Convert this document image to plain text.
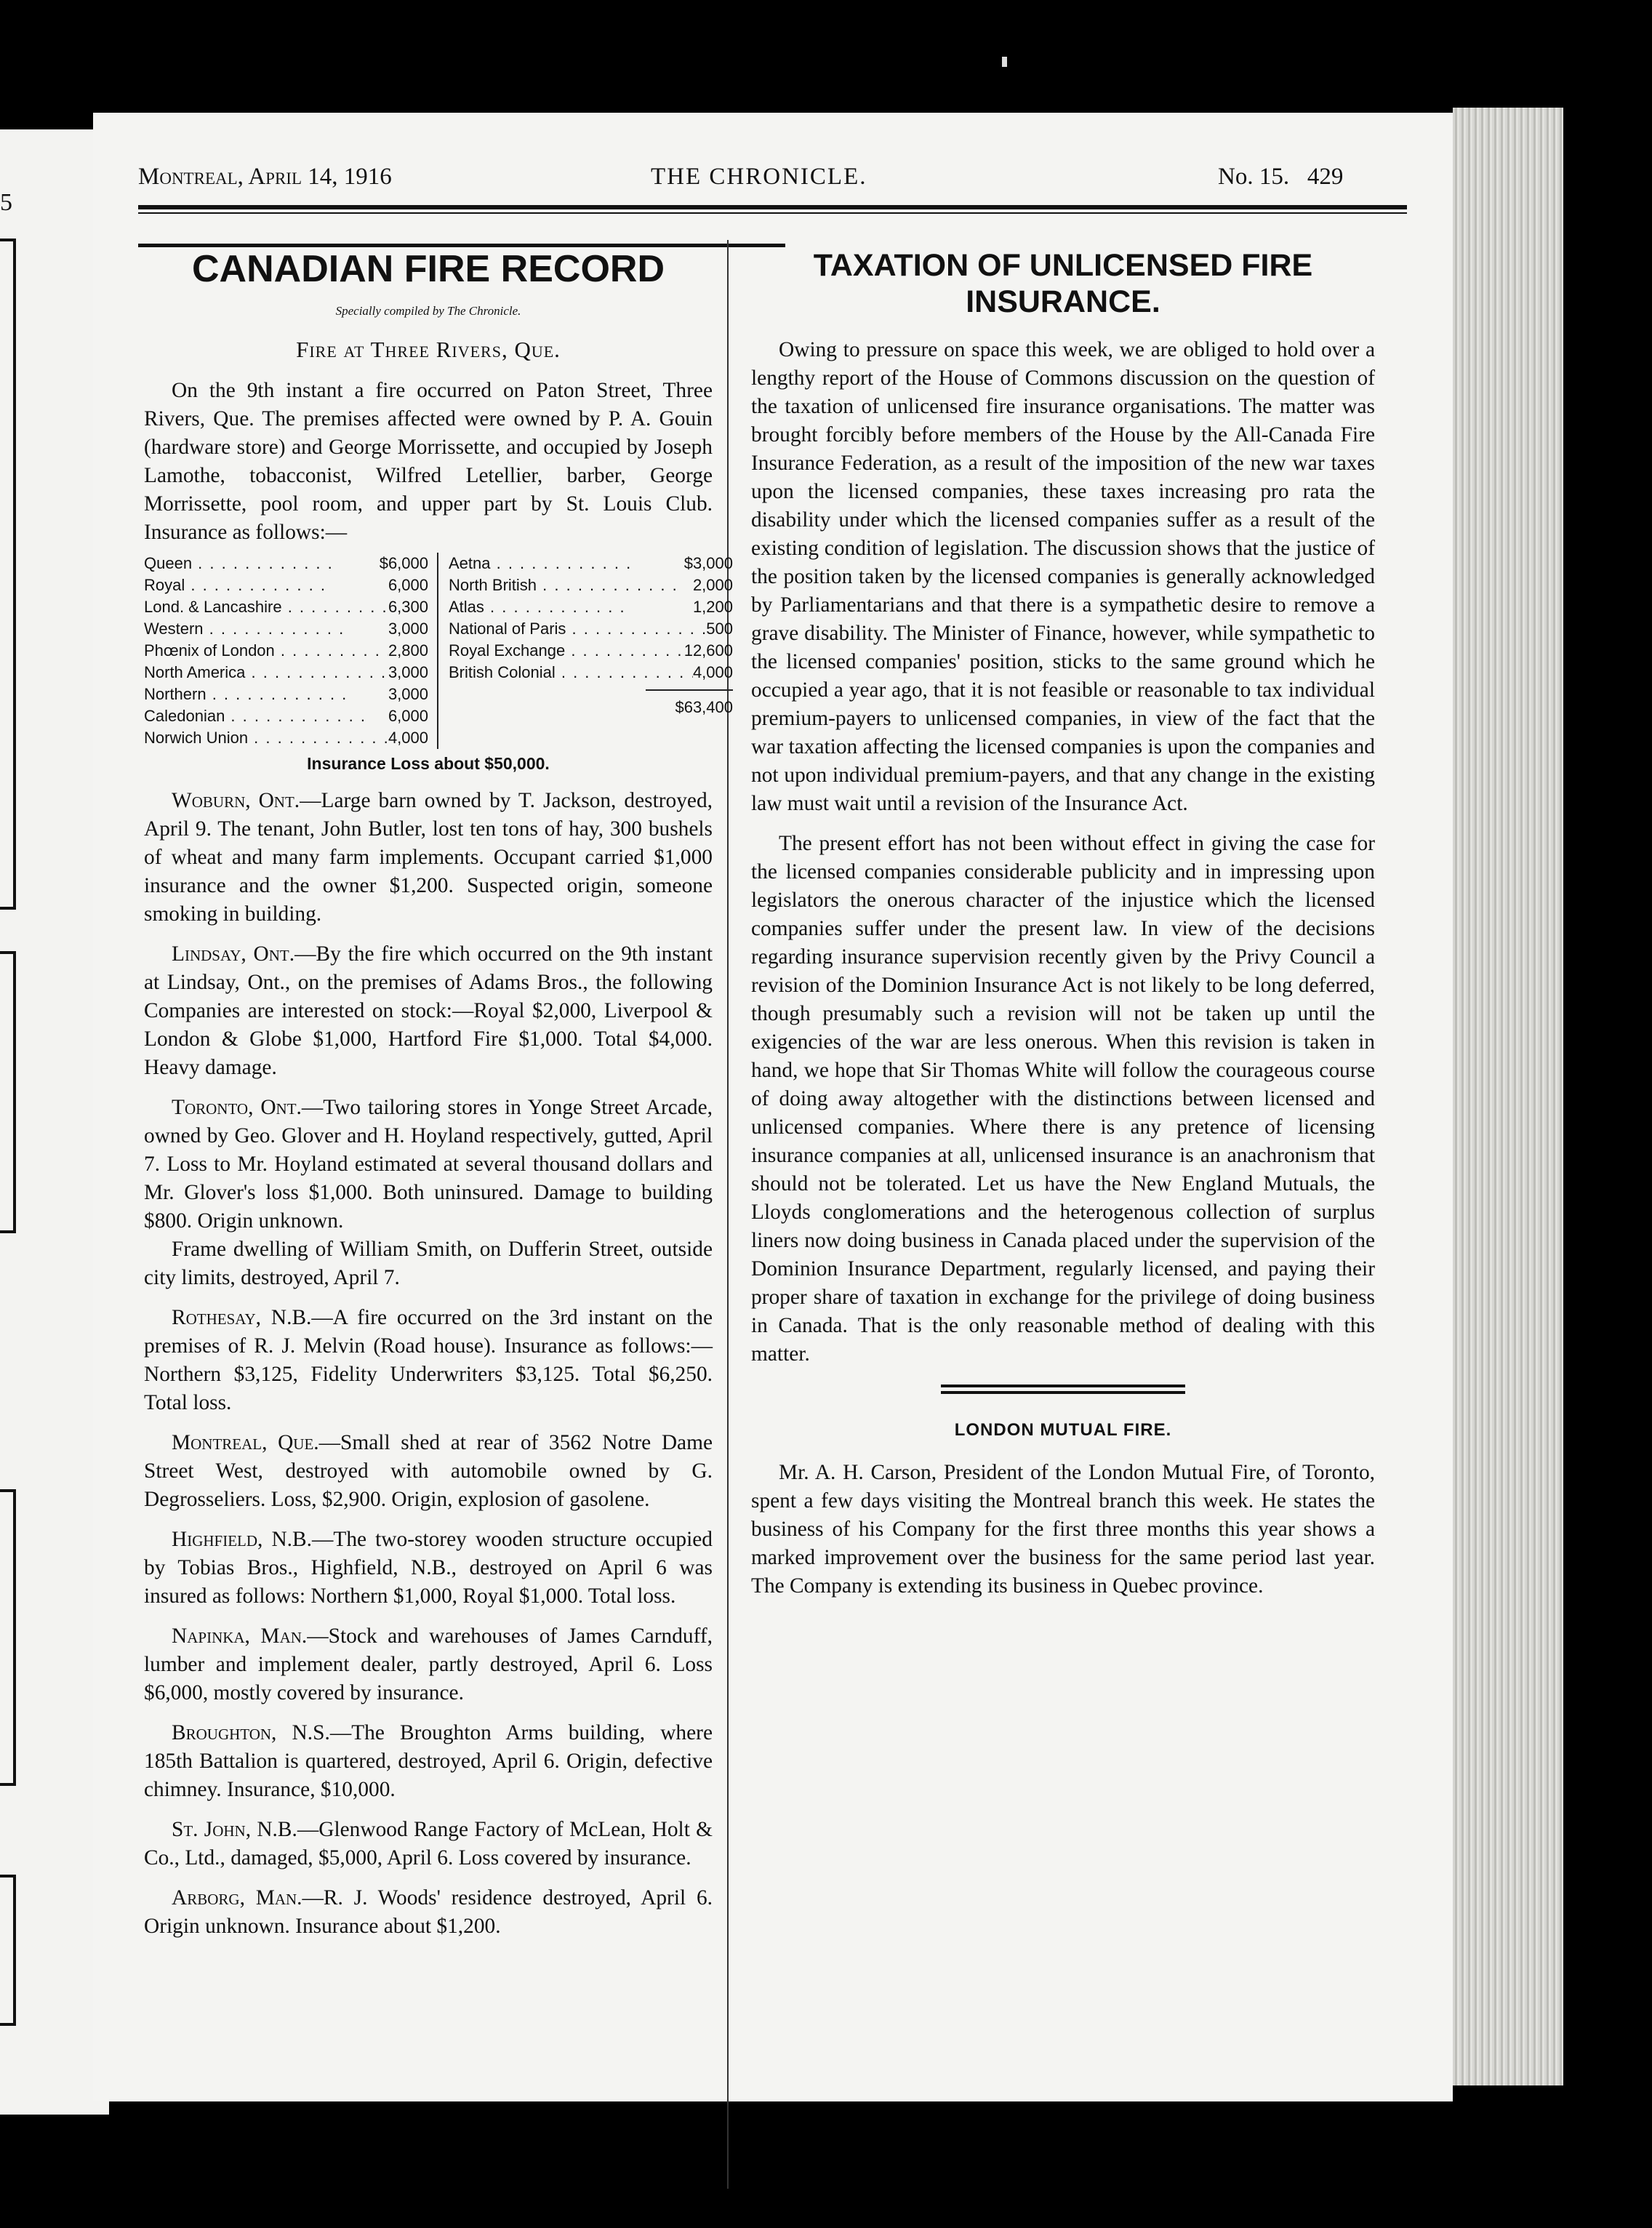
5
Montreal, April 14, 1916	THE CHRONICLE.	No. 15.   429
CANADIAN FIRE RECORD
Specially compiled by The Chronicle.
Fire at Three Rivers, Que.

On the 9th instant a fire occurred on Paton Street, Three Rivers, Que. The premises affected were owned by P. A. Gouin (hardware store) and George Morrissette, and occupied by Joseph Lamothe, tobacconist, Wilfred Letellier, barber, George Morrissette, pool room, and upper part by St. Louis Club. Insurance as follows:—

Queen . . .	$6,000
Royal . . .	6,000
Lond. & Lancashire . . .	6,300
Western . . .	3,000
Phœnix of London . . .	2,800
North America . . .	3,000
Northern . . .	3,000
Caledonian . . .	6,000
Norwich Union . . .	4,000
Aetna . . .	$3,000
North British . . .	2,000
Atlas . . .	1,200
National of Paris . . .	500
Royal Exchange . . .	12,600
British Colonial . . .	4,000
$63,400
Insurance Loss about $50,000.

Woburn, Ont.—Large barn owned by T. Jackson, destroyed, April 9. The tenant, John Butler, lost ten tons of hay, 300 bushels of wheat and many farm implements. Occupant carried $1,000 insurance and the owner $1,200. Suspected origin, someone smoking in building.

Lindsay, Ont.—By the fire which occurred on the 9th instant at Lindsay, Ont., on the premises of Adams Bros., the following Companies are interested on stock:—Royal $2,000, Liverpool & London & Globe $1,000, Hartford Fire $1,000. Total $4,000. Heavy damage.

Toronto, Ont.—Two tailoring stores in Yonge Street Arcade, owned by Geo. Glover and H. Hoyland respectively, gutted, April 7. Loss to Mr. Hoyland estimated at several thousand dollars and Mr. Glover's loss $1,000. Both uninsured. Damage to building $800. Origin unknown.

Frame dwelling of William Smith, on Dufferin Street, outside city limits, destroyed, April 7.

Rothesay, N.B.—A fire occurred on the 3rd instant on the premises of R. J. Melvin (Road house). Insurance as follows:—Northern $3,125, Fidelity Underwriters $3,125. Total $6,250. Total loss.

Montreal, Que.—Small shed at rear of 3562 Notre Dame Street West, destroyed with automobile owned by G. Degrosseliers. Loss, $2,900. Origin, explosion of gasolene.

Highfield, N.B.—The two-storey wooden structure occupied by Tobias Bros., Highfield, N.B., destroyed on April 6 was insured as follows: Northern $1,000, Royal $1,000. Total loss.

Napinka, Man.—Stock and warehouses of James Carnduff, lumber and implement dealer, partly destroyed, April 6. Loss $6,000, mostly covered by insurance.

Broughton, N.S.—The Broughton Arms building, where 185th Battalion is quartered, destroyed, April 6. Origin, defective chimney. Insurance, $10,000.

St. John, N.B.—Glenwood Range Factory of McLean, Holt & Co., Ltd., damaged, $5,000, April 6. Loss covered by insurance.

Arborg, Man.—R. J. Woods' residence destroyed, April 6. Origin unknown. Insurance about $1,200.

TAXATION OF UNLICENSED FIRE INSURANCE.

Owing to pressure on space this week, we are obliged to hold over a lengthy report of the House of Commons discussion on the question of the taxation of unlicensed fire insurance organisations. The matter was brought forcibly before members of the House by the All-Canada Fire Insurance Federation, as a result of the imposition of the new war taxes upon the licensed companies, these taxes increasing pro rata the disability under which the licensed companies suffer as a result of the existing condition of legislation. The discussion shows that the justice of the position taken by the licensed companies is generally acknowledged by Parliamentarians and that there is a sympathetic desire to remove a grave disability. The Minister of Finance, however, while sympathetic to the licensed companies' position, sticks to the same ground which he occupied a year ago, that it is not feasible or reasonable to tax individual premium-payers to unlicensed companies, in view of the fact that the war taxation affecting the licensed companies is upon the companies and not upon individual premium-payers, and that any change in the existing law must wait until a revision of the Insurance Act.

The present effort has not been without effect in giving the case for the licensed companies considerable publicity and in impressing upon legislators the onerous character of the injustice which the licensed companies suffer under the present law. In view of the decisions regarding insurance supervision recently given by the Privy Council a revision of the Dominion Insurance Act is not likely to be long deferred, though presumably such a revision will not be taken up until the exigencies of the war are less onerous. When this revision is taken in hand, we hope that Sir Thomas White will follow the courageous course of doing away altogether with the distinctions between licensed and unlicensed companies. Where there is any pretence of licensing insurance companies at all, unlicensed insurance is an anachronism that should not be tolerated. Let us have the New England Mutuals, the Lloyds conglomerations and the heterogenous collection of surplus liners now doing business in Canada placed under the supervision of the Dominion Insurance Department, regularly licensed, and paying their proper share of taxation in exchange for the privilege of doing business in Canada. That is the only reasonable method of dealing with this matter.

LONDON MUTUAL FIRE.

Mr. A. H. Carson, President of the London Mutual Fire, of Toronto, spent a few days visiting the Montreal branch this week. He states the business of his Company for the first three months this year shows a marked improvement over the business for the same period last year. The Company is extending its business in Quebec province.
